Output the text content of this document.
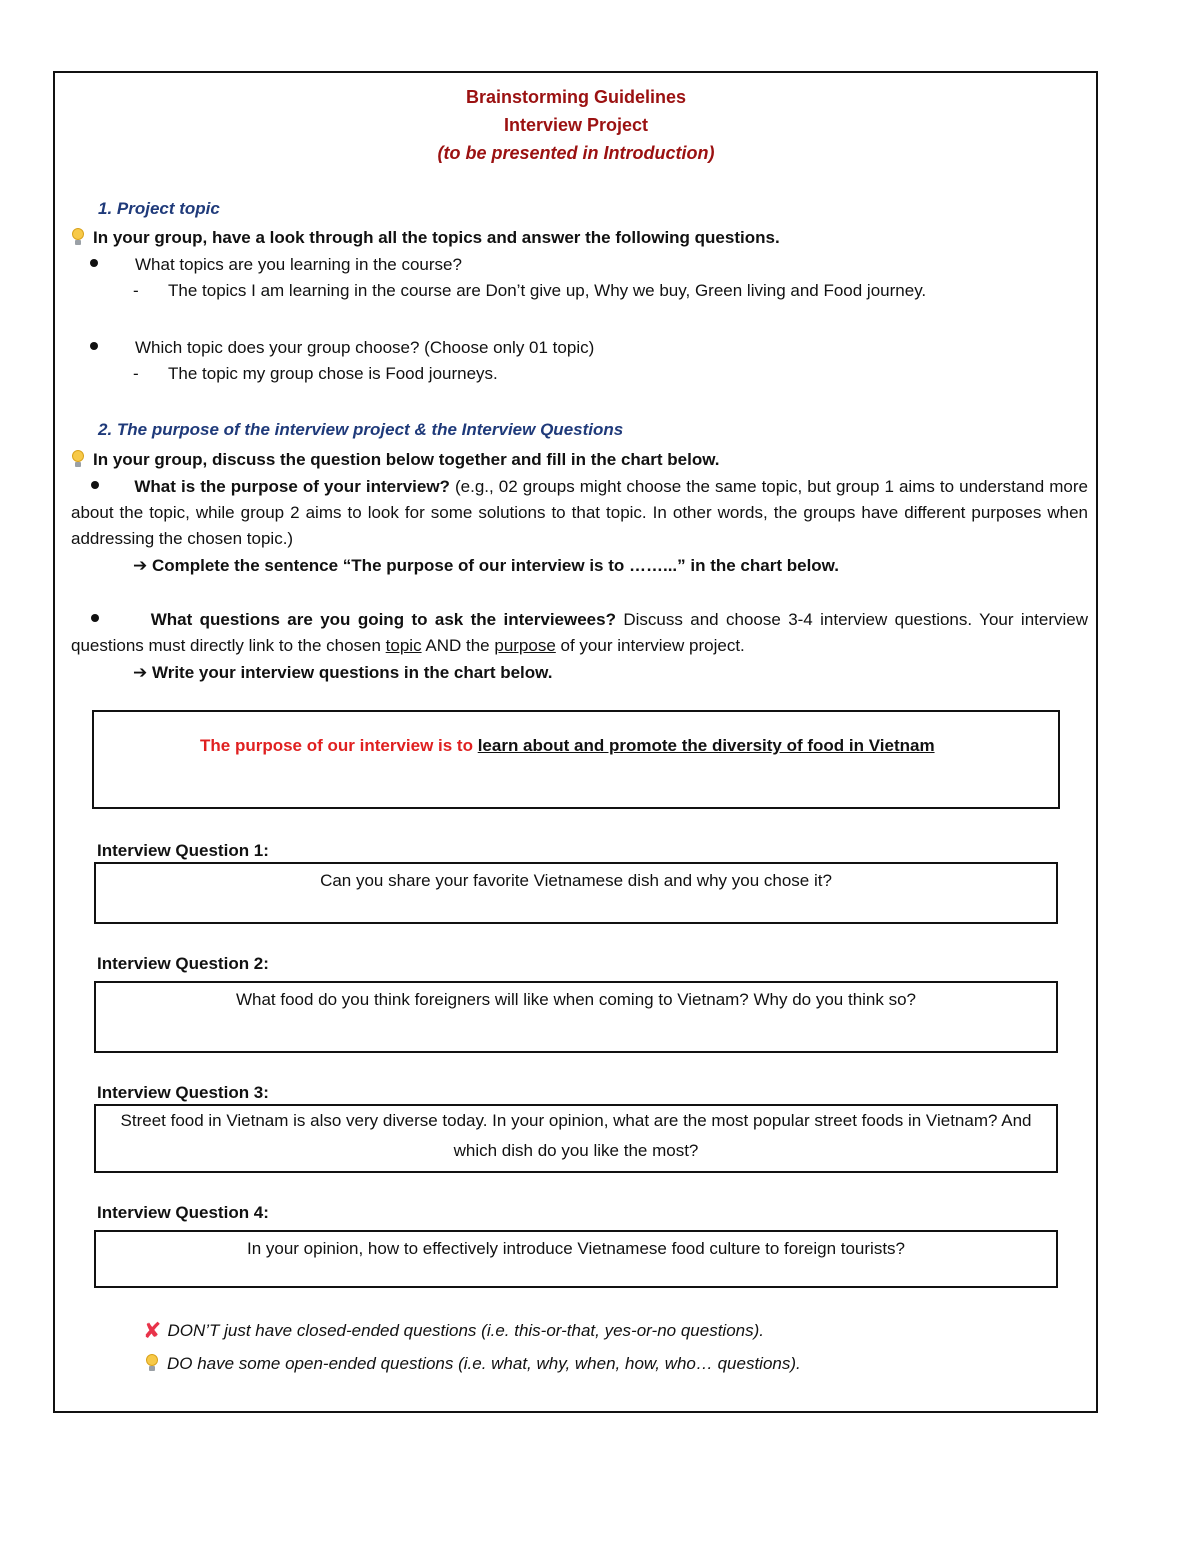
Brainstorming Guidelines
Interview Project
(to be presented in Introduction)
1. Project topic
In your group, have a look through all the topics and answer the following questions.
What topics are you learning in the course?
- The topics I am learning in the course are Don’t give up, Why we buy, Green living and Food journey.
Which topic does your group choose? (Choose only 01 topic)
- The topic my group chose is Food journeys.
2. The purpose of the interview project & the Interview Questions
In your group, discuss the question below together and fill in the chart below.
What is the purpose of your interview? (e.g., 02 groups might choose the same topic, but group 1 aims to understand more about the topic, while group 2 aims to look for some solutions to that topic. In other words, the groups have different purposes when addressing the chosen topic.)
➔ Complete the sentence “The purpose of our interview is to ……...” in the chart below.
What questions are you going to ask the interviewees? Discuss and choose 3-4 interview questions. Your interview questions must directly link to the chosen topic AND the purpose of your interview project.
➔ Write your interview questions in the chart below.
The purpose of our interview is to learn about and promote the diversity of food in Vietnam
Interview Question 1:
Can you share your favorite Vietnamese dish and why you chose it?
Interview Question 2:
What food do you think foreigners will like when coming to Vietnam? Why do you think so?
Interview Question 3:
Street food in Vietnam is also very diverse today. In your opinion, what are the most popular street foods in Vietnam? And which dish do you like the most?
Interview Question 4:
In your opinion, how to effectively introduce Vietnamese food culture to foreign tourists?
✘ DON’T just have closed-ended questions (i.e. this-or-that, yes-or-no questions).
DO have some open-ended questions (i.e. what, why, when, how, who… questions).
